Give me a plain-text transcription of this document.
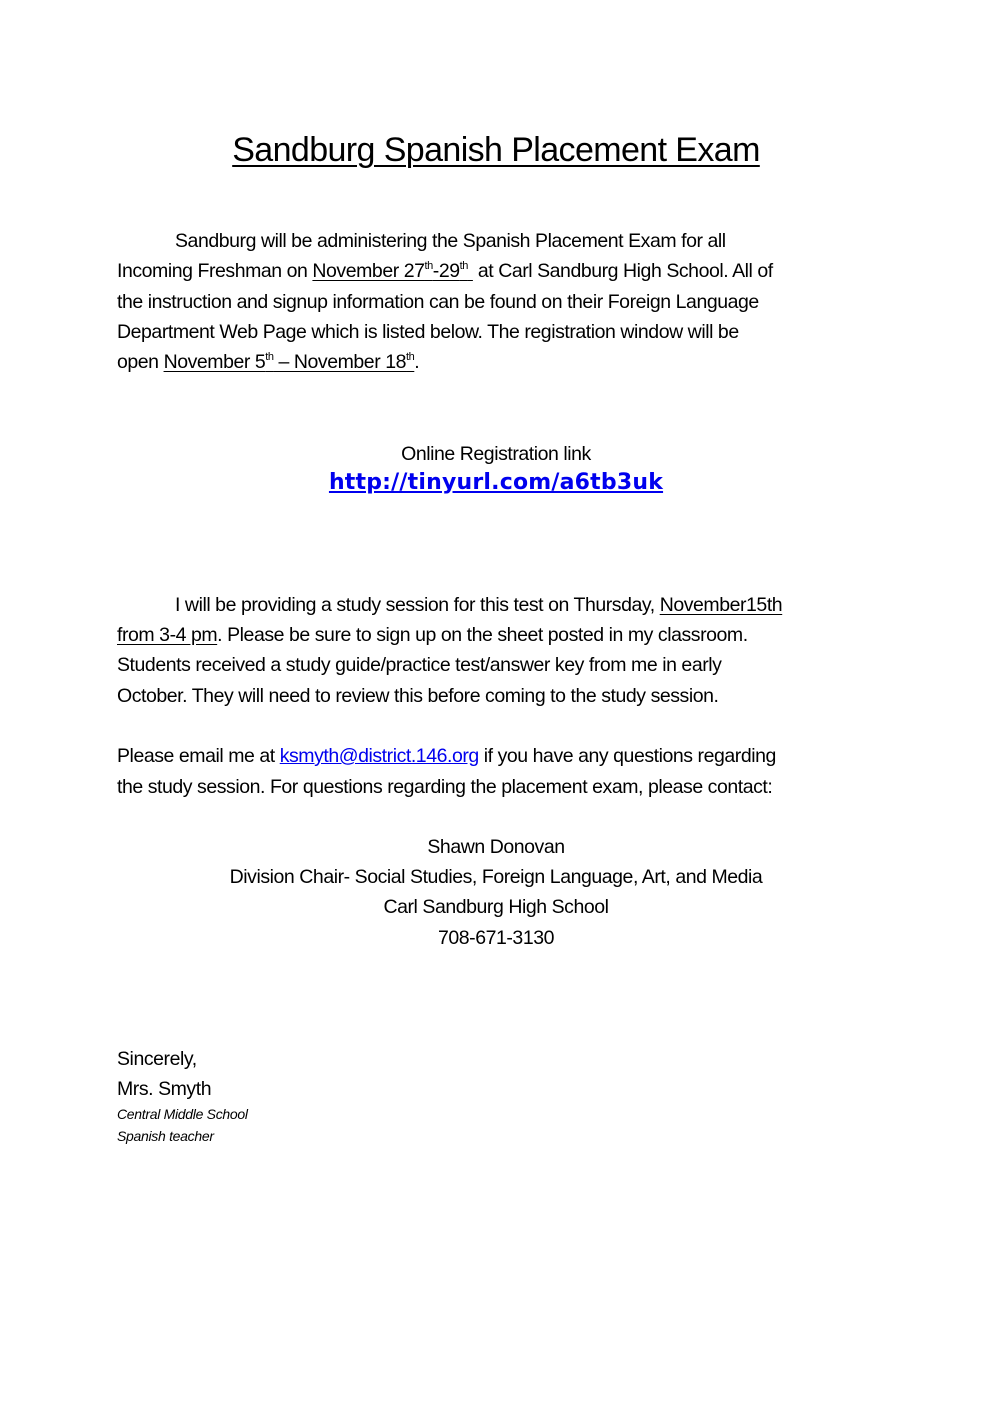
Sandburg Spanish Placement Exam
Sandburg will be administering the Spanish Placement Exam for all
Incoming Freshman on November 27th-29th  at Carl Sandburg High School. All of
the instruction and signup information can be found on their Foreign Language
Department Web Page which is listed below. The registration window will be
open November 5th – November 18th.
Online Registration link
http://tinyurl.com/a6tb3uk
I will be providing a study session for this test on Thursday, November15th
from 3-4 pm. Please be sure to sign up on the sheet posted in my classroom.
Students received a study guide/practice test/answer key from me in early
October. They will need to review this before coming to the study session.
Please email me at ksmyth@district.146.org if you have any questions regarding
the study session. For questions regarding the placement exam, please contact:
Shawn Donovan
Division Chair- Social Studies, Foreign Language, Art, and Media
Carl Sandburg High School
708-671-3130
Sincerely,
Mrs. Smyth
Central Middle School
Spanish teacher
